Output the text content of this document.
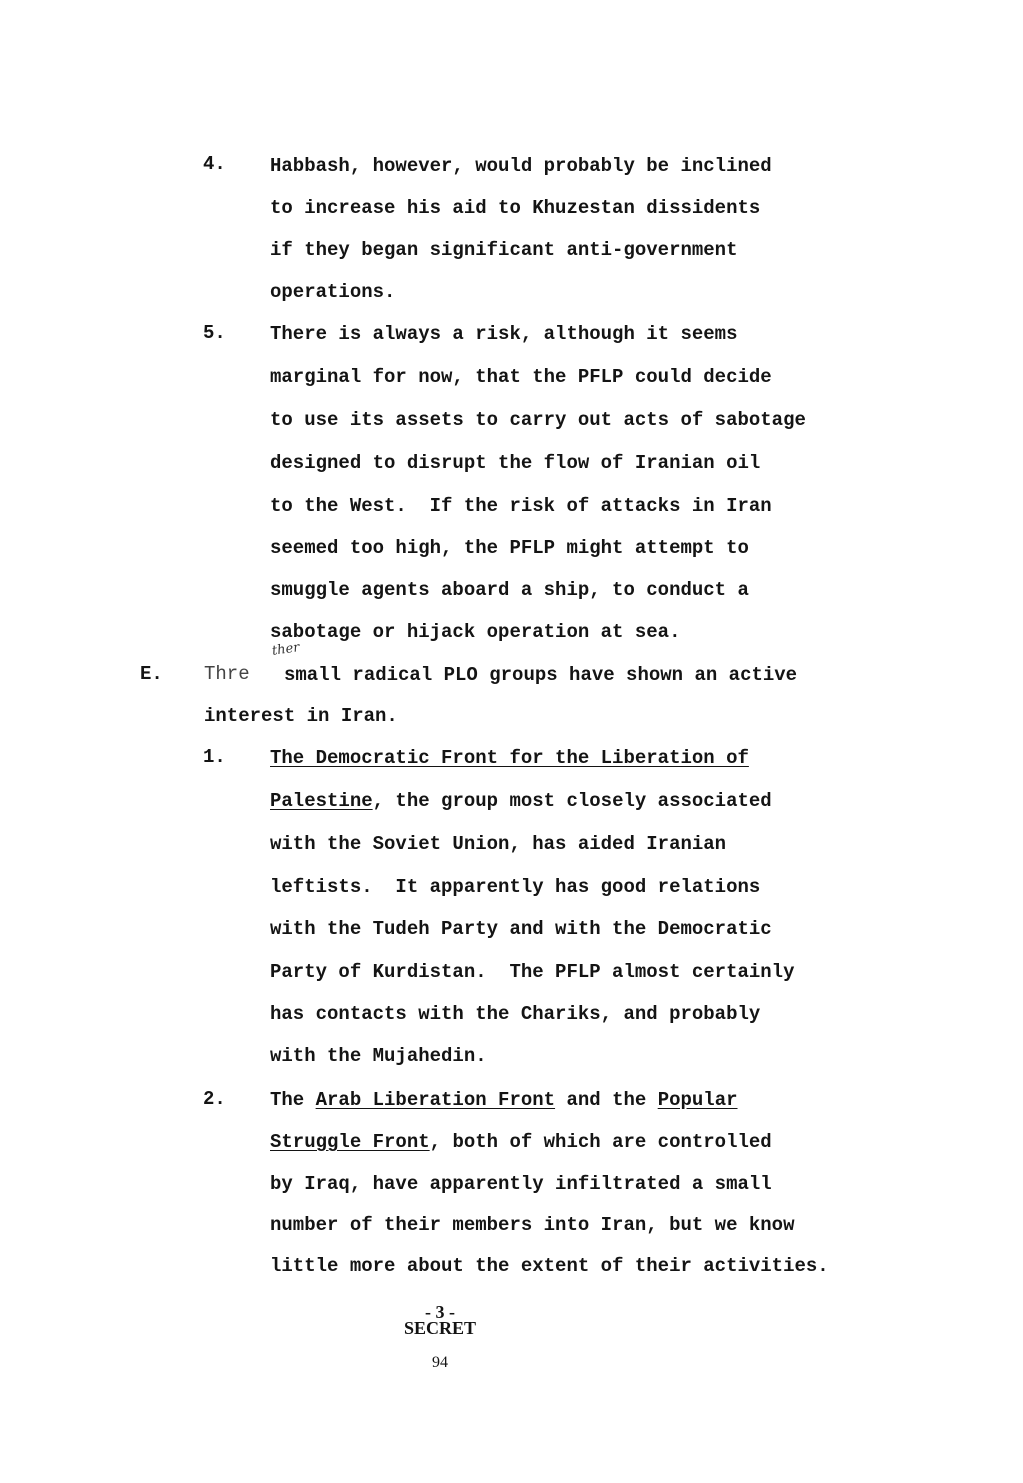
4. Habbash, however, would probably be inclined
to increase his aid to Khuzestan dissidents
if they began significant anti-government
operations.
5. There is always a risk, although it seems
marginal for now, that the PFLP could decide
to use its assets to carry out acts of sabotage
designed to disrupt the flow of Iranian oil
to the West.  If the risk of attacks in Iran
seemed too high, the PFLP might attempt to
smuggle agents aboard a ship, to conduct a
sabotage or hijack operation at sea.
E. Thre
ther
small radical PLO groups have shown an active
interest in Iran.
1. The Democratic Front for the Liberation of
Palestine, the group most closely associated
with the Soviet Union, has aided Iranian
leftists.  It apparently has good relations
with the Tudeh Party and with the Democratic
Party of Kurdistan.  The PFLP almost certainly
has contacts with the Chariks, and probably
with the Mujahedin.
2. The Arab Liberation Front and the Popular
Struggle Front, both of which are controlled
by Iraq, have apparently infiltrated a small
number of their members into Iran, but we know
little more about the extent of their activities.
- 3 -
SECRET
94
